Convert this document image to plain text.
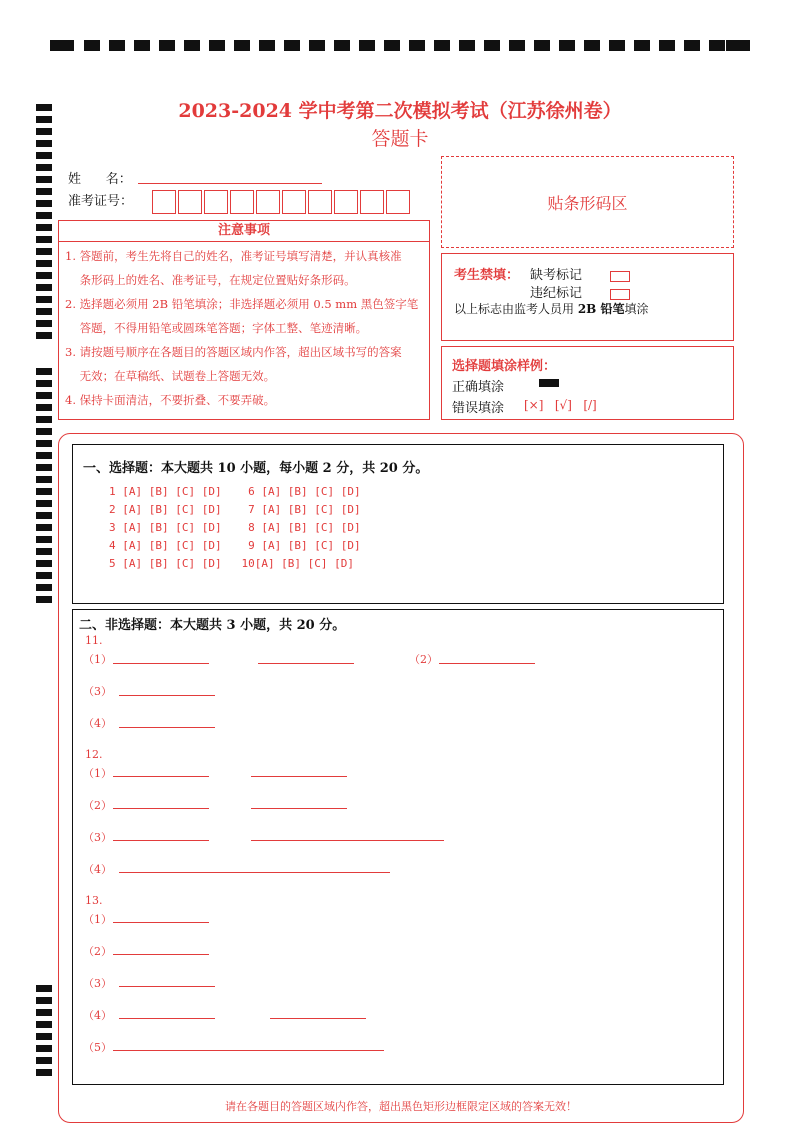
2023-2024 学中考第二次模拟考试（江苏徐州卷）
答题卡
姓      名：
准考证号：
注意事项

1. 答题前，考生先将自己的姓名，准考证号填写清楚，并认真核准

条形码上的姓名、准考证号，在规定位置贴好条形码。

2. 选择题必须用 2B 铅笔填涂；非选择题必须用 0.5 mm 黑色签字笔

答题，不得用铅笔或圆珠笔答题；字体工整、笔迹清晰。

3. 请按题号顺序在各题目的答题区域内作答，超出区域书写的答案

无效；在草稿纸、试题卷上答题无效。

4. 保持卡面清洁，不要折叠、不要弄破。

贴条形码区
考生禁填： 缺考标记
违纪标记
以上标志由监考人员用 2B 铅笔填涂
选择题填涂样例：
正确填涂
错误填涂 [×]   [√]   [/]
一、选择题：本大题共 10 小题，每小题 2 分，共 20 分。
1 [A] [B] [C] [D]    6 [A] [B] [C] [D]
2 [A] [B] [C] [D]    7 [A] [B] [C] [D]
3 [A] [B] [C] [D]    8 [A] [B] [C] [D]
4 [A] [B] [C] [D]    9 [A] [B] [C] [D]
5 [A] [B] [C] [D]   10[A] [B] [C] [D]
二、非选择题：本大题共 3 小题，共 20 分。
11.
（1）	（2）
（3）
（4）
12.
（1）
（2）
（3）
（4）
13.
（1）
（2）
（3）
（4）
（5）
请在各题目的答题区域内作答，超出黑色矩形边框限定区域的答案无效！
